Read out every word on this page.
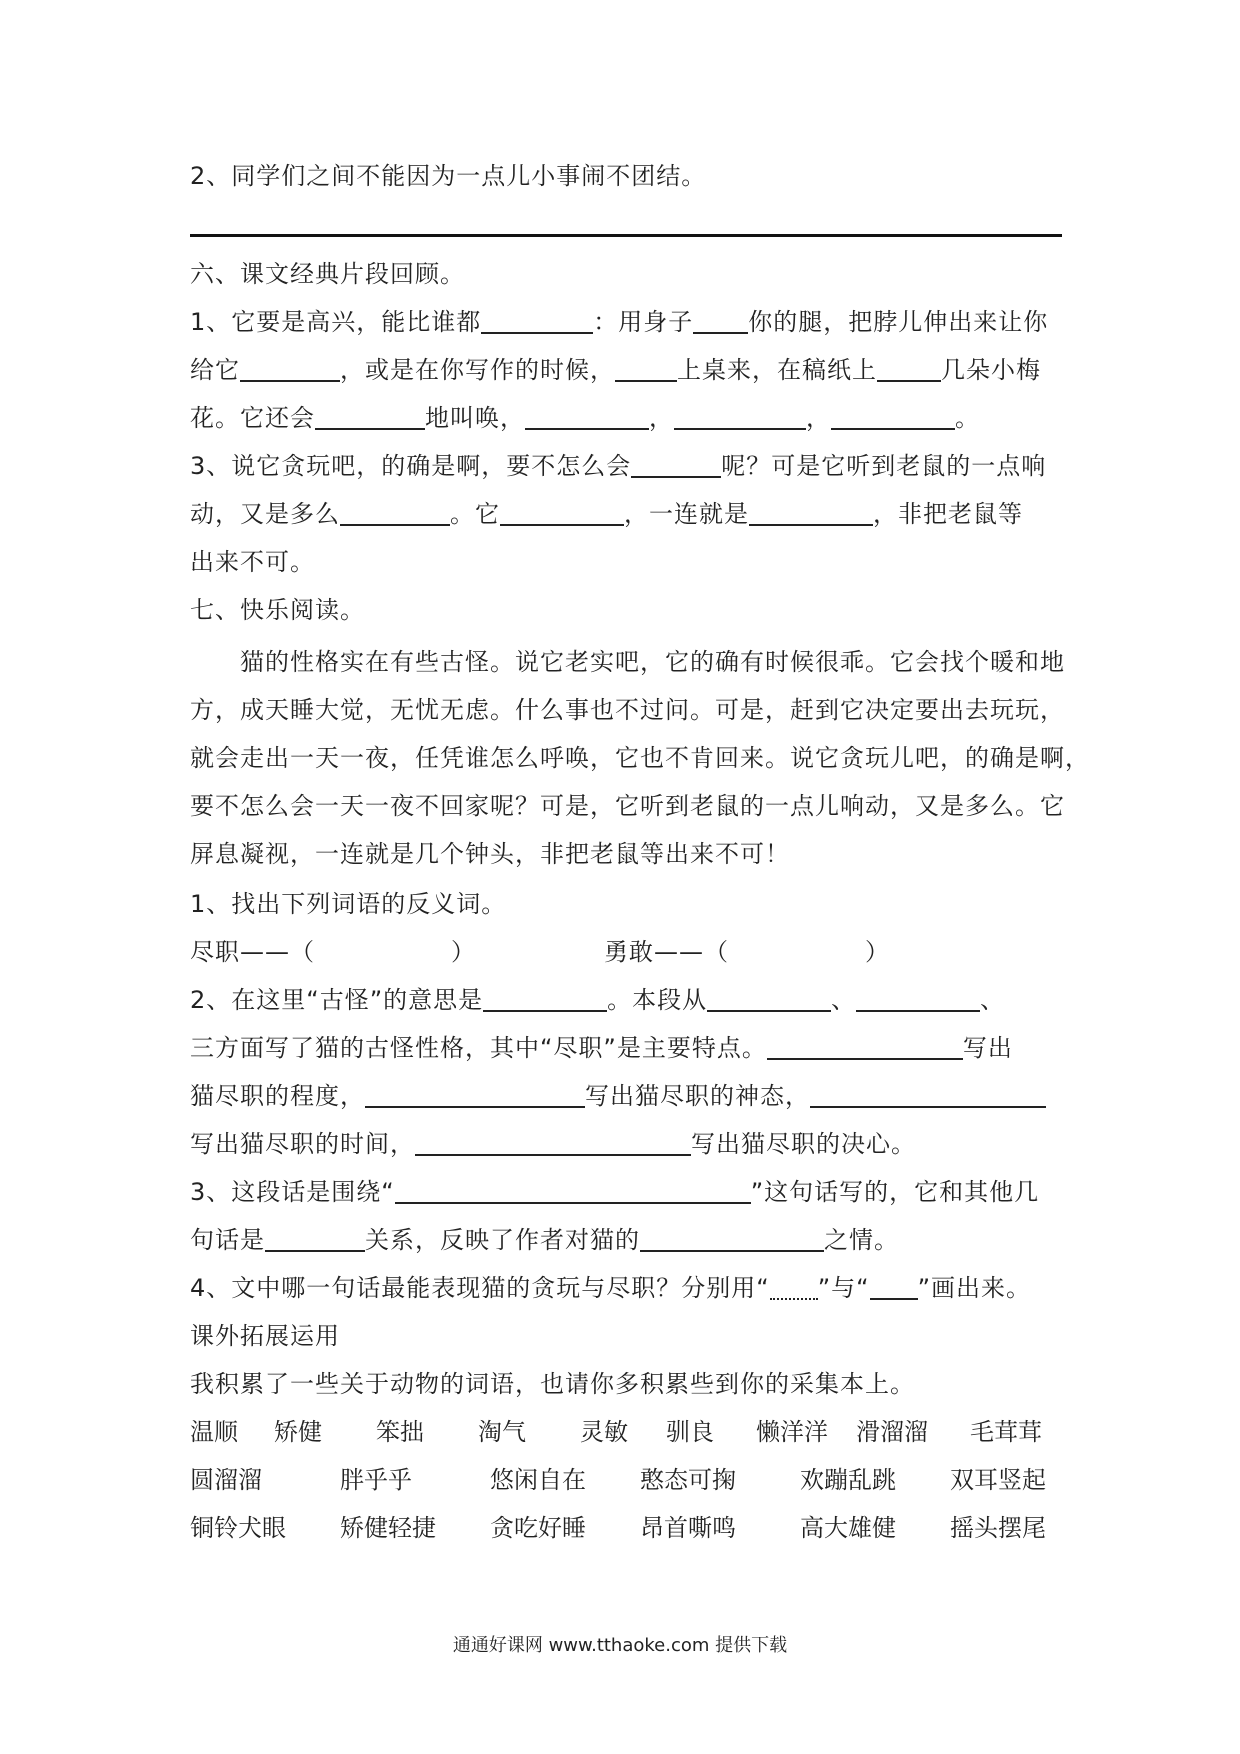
2、同学们之间不能因为一点儿小事闹不团结。
六、课文经典片段回顾。
1、它要是高兴，能比谁都	：用身子 你的腿，把脖儿伸出来让你
给它	，或是在你写作的时候，	上桌来，在稿纸上	几朵小梅
花。它还会	地叫唤，	，	，	。
3、说它贪玩吧，的确是啊，要不怎么会	呢？可是它听到老鼠的一点响
动，又是多么	。它	，一连就是	，非把老鼠等
出来不可。
七、快乐阅读。
猫的性格实在有些古怪。说它老实吧，它的确有时候很乖。它会找个暖和地
方，成天睡大觉，无忧无虑。什么事也不过问。可是，赶到它决定要出去玩玩，
就会走出一天一夜，任凭谁怎么呼唤，它也不肯回来。说它贪玩儿吧，的确是啊，
要不怎么会一天一夜不回家呢？可是，它听到老鼠的一点儿响动，又是多么。它
屏息凝视，一连就是几个钟头，非把老鼠等出来不可！
1、找出下列词语的反义词。
尽职——（	）	勇敢——（	）
2、在这里“古怪”的意思是	。本段从	、	、
三方面写了猫的古怪性格，其中“尽职”是主要特点。	写出
猫尽职的程度，	写出猫尽职的神态，
写出猫尽职的时间，	写出猫尽职的决心。
3、这段话是围绕“	”这句话写的，它和其他几
句话是	关系，反映了作者对猫的	之情。
4、文中哪一句话最能表现猫的贪玩与尽职？分别用“ ”与“ ”画出来。
课外拓展运用
我积累了一些关于动物的词语，也请你多积累些到你的采集本上。
温顺 矫健 笨拙 淘气 灵敏 驯良 懒洋洋 滑溜溜 毛茸茸
圆溜溜	胖乎乎	悠闲自在 憨态可掬	欢蹦乱跳 双耳竖起
铜铃犬眼 矫健轻捷 贪吃好睡 昂首嘶鸣	高大雄健 摇头摆尾
通通好课网 www.tthaoke.com 提供下载
